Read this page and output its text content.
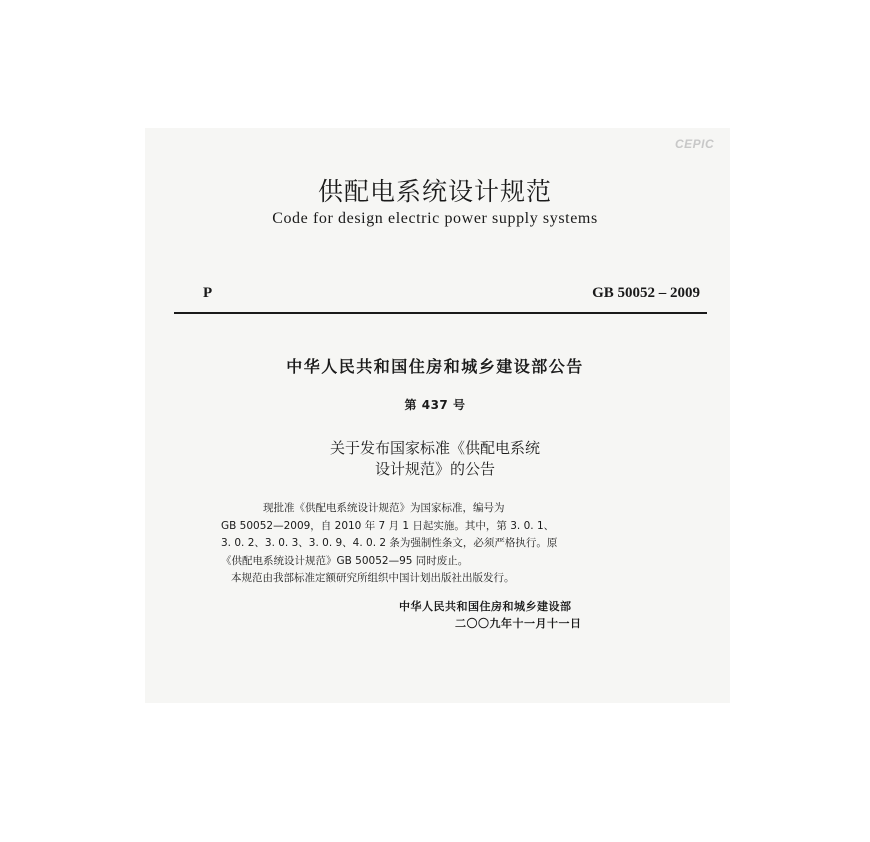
CEPIC
供配电系统设计规范
Code for design electric power supply systems
P	GB 50052 – 2009
中华人民共和国住房和城乡建设部公告
第 437 号
关于发布国家标准《供配电系统
设计规范》的公告
现批准《供配电系统设计规范》为国家标准，编号为
GB 50052—2009，自 2010 年 7 月 1 日起实施。其中，第 3. 0. 1、
3. 0. 2、3. 0. 3、3. 0. 9、4. 0. 2 条为强制性条文，必须严格执行。原
《供配电系统设计规范》GB 50052—95 同时废止。
本规范由我部标准定额研究所组织中国计划出版社出版发行。
中华人民共和国住房和城乡建设部
二〇〇九年十一月十一日
